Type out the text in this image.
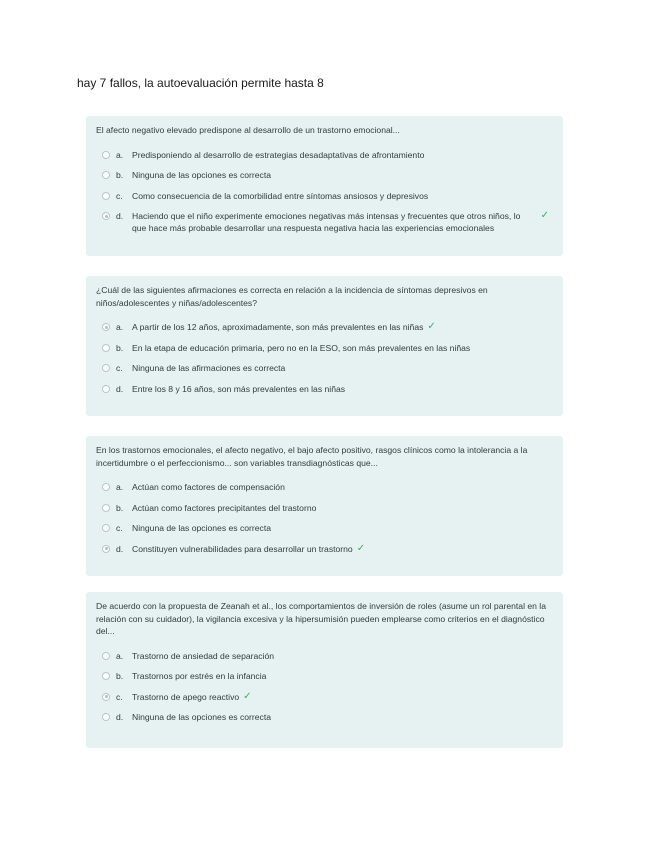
hay 7 fallos, la autoevaluación permite hasta 8
El afecto negativo elevado predispone al desarrollo de un trastorno emocional...
a.	Predisponiendo al desarrollo de estrategias desadaptativas de afrontamiento
b.	Ninguna de las opciones es correcta
c.	Como consecuencia de la comorbilidad entre síntomas ansiosos y depresivos
d.	Haciendo que el niño experimente emociones negativas más intensas y frecuentes que otros niños, lo que hace más probable desarrollar una respuesta negativa hacia las experiencias emocionales
✓
¿Cuál de las siguientes afirmaciones es correcta en relación a la incidencia de síntomas depresivos en niños/adolescentes y niñas/adolescentes?
a.	A partir de los 12 años, aproximadamente, son más prevalentes en las niñas ✓
b.	En la etapa de educación primaria, pero no en la ESO, son más prevalentes en las niñas
c.	Ninguna de las afirmaciones es correcta
d.	Entre los 8 y 16 años, son más prevalentes en las niñas
En los trastornos emocionales, el afecto negativo, el bajo afecto positivo, rasgos clínicos como la intolerancia a la incertidumbre o el perfeccionismo... son variables transdiagnósticas que...
a.	Actúan como factores de compensación
b.	Actúan como factores precipitantes del trastorno
c.	Ninguna de las opciones es correcta
d.	Constituyen vulnerabilidades para desarrollar un trastorno ✓
De acuerdo con la propuesta de Zeanah et al., los comportamientos de inversión de roles (asume un rol parental en la relación con su cuidador), la vigilancia excesiva y la hipersumisión pueden emplearse como criterios en el diagnóstico del...
a.	Trastorno de ansiedad de separación
b.	Trastornos por estrés en la infancia
c.	Trastorno de apego reactivo ✓
d.	Ninguna de las opciones es correcta
